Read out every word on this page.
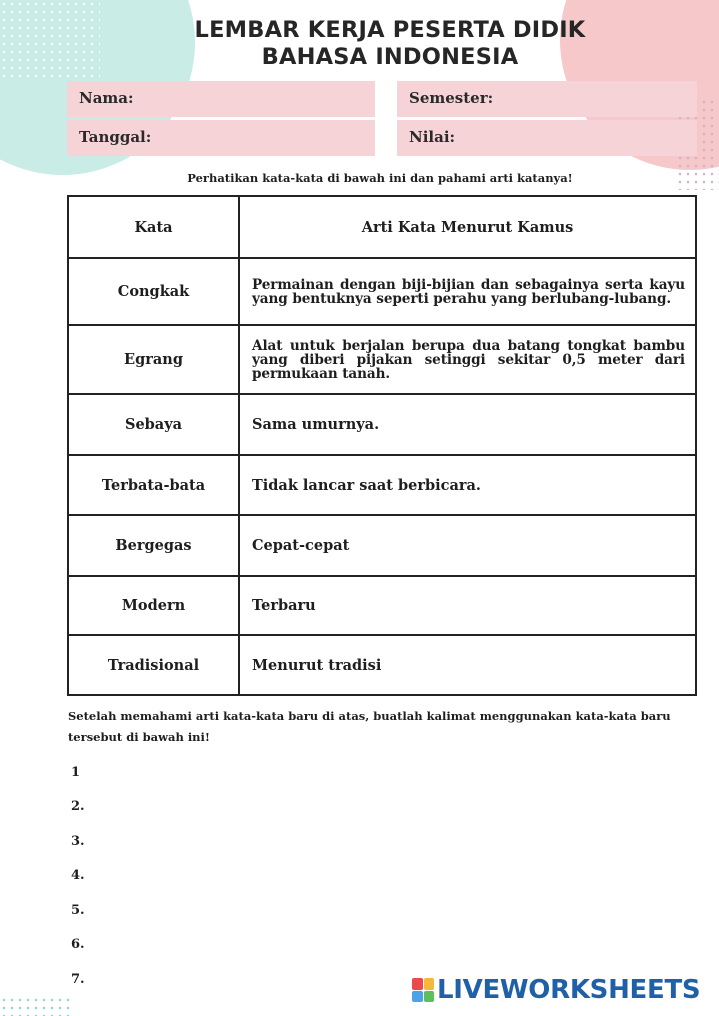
LEMBAR KERJA PESERTA DIDIK
BAHASA INDONESIA
Nama:	Semester:
Tanggal:	Nilai:
Perhatikan kata-kata di bawah ini dan pahami arti katanya!
Kata	Arti Kata Menurut Kamus
Congkak	Permainan dengan biji-bijian dan sebagainya serta kayu yang bentuknya seperti perahu yang berlubang-lubang.
Egrang	Alat untuk berjalan berupa dua batang tongkat bambu yang diberi pijakan setinggi sekitar 0,5 meter dari permukaan tanah.
Sebaya	Sama umurnya.
Terbata-bata	Tidak lancar saat berbicara.
Bergegas	Cepat-cepat
Modern	Terbaru
Tradisional	Menurut tradisi
Setelah memahami arti kata-kata baru di atas, buatlah kalimat menggunakan kata-kata baru tersebut di bawah ini!
1
2.
3.
4.
5.
6.
7.	LIVEWORKSHEETS
